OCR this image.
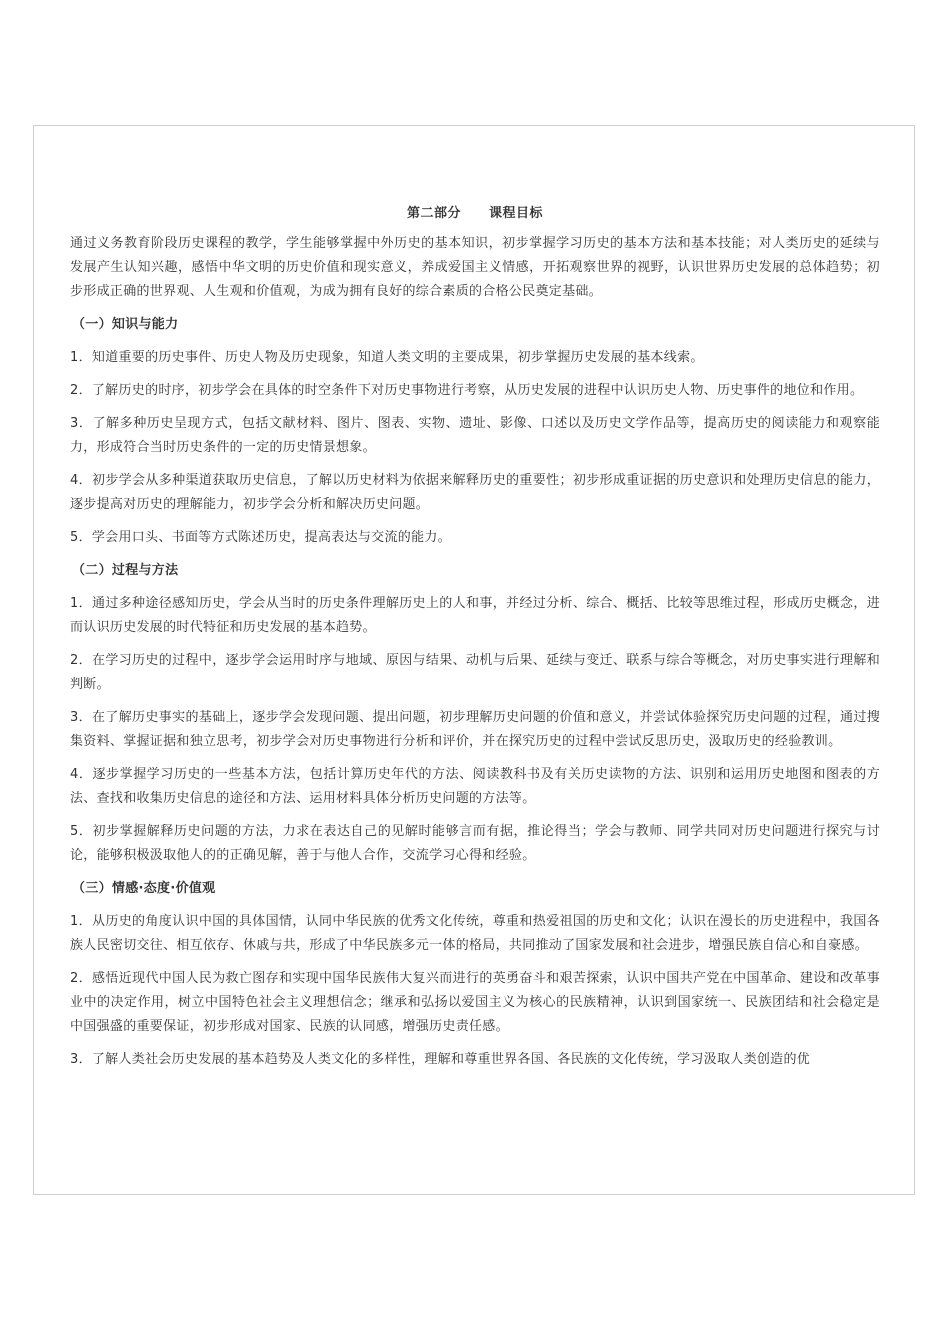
第二部分 课程目标

通过义务教育阶段历史课程的教学，学生能够掌握中外历史的基本知识，初步掌握学习历史的基本方法和基本技能；对人类历史的延续与发展产生认知兴趣，感悟中华文明的历史价值和现实意义，养成爱国主义情感，开拓观察世界的视野，认识世界历史发展的总体趋势；初步形成正确的世界观、人生观和价值观，为成为拥有良好的综合素质的合格公民奠定基础。

（一）知识与能力

1．知道重要的历史事件、历史人物及历史现象，知道人类文明的主要成果，初步掌握历史发展的基本线索。

2．了解历史的时序，初步学会在具体的时空条件下对历史事物进行考察，从历史发展的进程中认识历史人物、历史事件的地位和作用。

3．了解多种历史呈现方式，包括文献材料、图片、图表、实物、遗址、影像、口述以及历史文学作品等，提高历史的阅读能力和观察能力，形成符合当时历史条件的一定的历史情景想象。

4．初步学会从多种渠道获取历史信息，了解以历史材料为依据来解释历史的重要性；初步形成重证据的历史意识和处理历史信息的能力，逐步提高对历史的理解能力，初步学会分析和解决历史问题。

5．学会用口头、书面等方式陈述历史，提高表达与交流的能力。

（二）过程与方法

1．通过多种途径感知历史，学会从当时的历史条件理解历史上的人和事，并经过分析、综合、概括、比较等思维过程，形成历史概念，进而认识历史发展的时代特征和历史发展的基本趋势。

2．在学习历史的过程中，逐步学会运用时序与地域、原因与结果、动机与后果、延续与变迁、联系与综合等概念，对历史事实进行理解和判断。

3．在了解历史事实的基础上，逐步学会发现问题、提出问题，初步理解历史问题的价值和意义，并尝试体验探究历史问题的过程，通过搜集资料、掌握证据和独立思考，初步学会对历史事物进行分析和评价，并在探究历史的过程中尝试反思历史，汲取历史的经验教训。

4．逐步掌握学习历史的一些基本方法，包括计算历史年代的方法、阅读教科书及有关历史读物的方法、识别和运用历史地图和图表的方法、查找和收集历史信息的途径和方法、运用材料具体分析历史问题的方法等。

5．初步掌握解释历史问题的方法，力求在表达自己的见解时能够言而有据，推论得当；学会与教师、同学共同对历史问题进行探究与讨论，能够积极汲取他人的的正确见解，善于与他人合作，交流学习心得和经验。

（三）情感·态度·价值观

1．从历史的角度认识中国的具体国情，认同中华民族的优秀文化传统，尊重和热爱祖国的历史和文化；认识在漫长的历史进程中，我国各族人民密切交往、相互依存、休戚与共，形成了中华民族多元一体的格局，共同推动了国家发展和社会进步，增强民族自信心和自豪感。

2．感悟近现代中国人民为救亡图存和实现中国华民族伟大复兴而进行的英勇奋斗和艰苦探索，认识中国共产党在中国革命、建设和改革事业中的决定作用，树立中国特色社会主义理想信念；继承和弘扬以爱国主义为核心的民族精神，认识到国家统一、民族团结和社会稳定是中国强盛的重要保证，初步形成对国家、民族的认同感，增强历史责任感。

3．了解人类社会历史发展的基本趋势及人类文化的多样性，理解和尊重世界各国、各民族的文化传统，学习汲取人类创造的优
